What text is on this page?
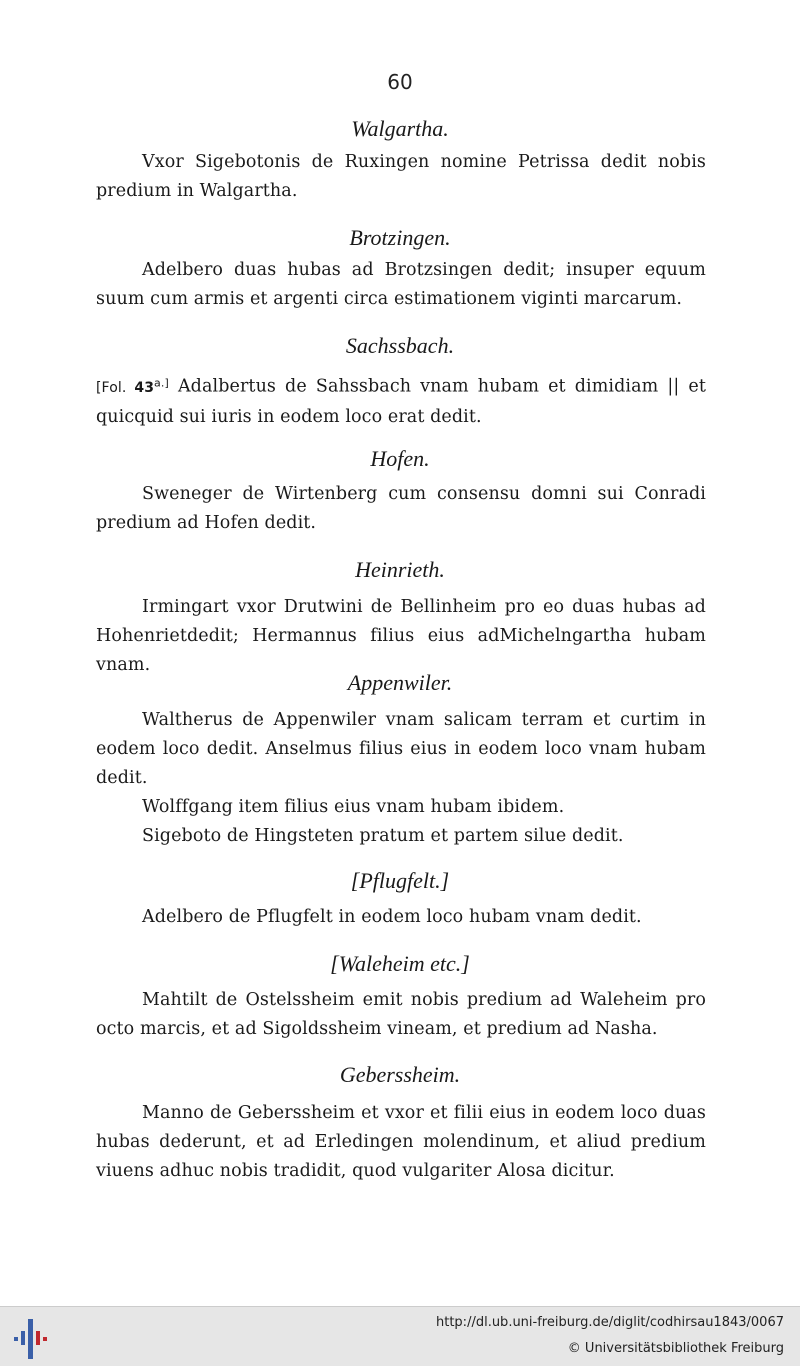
60
Walgartha.
Vxor Sigebotonis de Ruxingen nomine Petrissa dedit nobis predium in Walgartha.
Brotzingen.
Adelbero duas hubas ad Brotzsingen dedit; insuper equum suum cum armis et argenti circa estimationem viginti marcarum.
Sachssbach.
[Fol. $43^{a.]}$ Adalbertus de Sahssbach vnam hubam et dimidiam || et quicquid sui iuris in eodem loco erat dedit.
Hofen.
Sweneger de Wirtenberg cum consensu domni sui Conradi predium ad Hofen dedit.
Heinrieth.
Irmingart vxor Drutwini de Bellinheim pro eo duas hubas ad Hohenrietdedit; Hermannus filius eius adMichelngartha hubam vnam.
Appenwiler.
Waltherus de Appenwiler vnam salicam terram et curtim in eodem loco dedit. Anselmus filius eius in eodem loco vnam hubam dedit.
Wolffgang item filius eius vnam hubam ibidem.
Sigeboto de Hingsteten pratum et partem silue dedit.
[Pflugfelt.]
Adelbero de Pflugfelt in eodem loco hubam vnam dedit.
[Waleheim etc.]
Mahtilt de Ostelssheim emit nobis predium ad Waleheim pro octo marcis, et ad Sigoldssheim vineam, et predium ad Nasha.
Geberssheim.
Manno de Geberssheim et vxor et filii eius in eodem loco duas hubas dederunt, et ad Erledingen molendinum, et aliud predium viuens adhuc nobis tradidit, quod vulgariter Alosa dicitur.
http://dl.ub.uni-freiburg.de/diglit/codhirsau1843/0067
© Universitätsbibliothek Freiburg
